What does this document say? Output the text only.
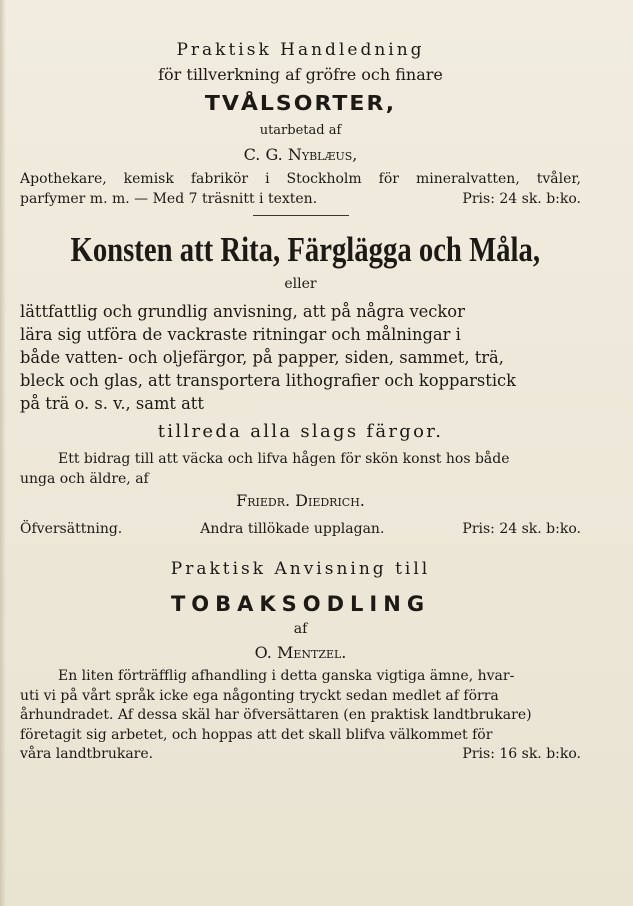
Praktisk Handledning
för tillverkning af gröfre och finare
TVÅLSORTER,
utarbetad af
C. G. Nyblæus,
Apothekare, kemisk fabrikör i Stockholm för mineralvatten, tvåler,
parfymer m. m. — Med 7 träsnitt i texten.	Pris: 24 sk. b:ko.
Konsten att Rita, Färglägga och Måla,
eller
lättfattlig och grundlig anvisning, att på några veckor
lära sig utföra de vackraste ritningar och målningar i
både vatten- och oljefärgor, på papper, siden, sammet, trä,
bleck och glas, att transportera lithografier och kopparstick
på trä o. s. v., samt att
tillreda alla slags färgor.
Ett bidrag till att väcka och lifva hågen för skön konst hos både
unga och äldre, af
Friedr. Diedrich.
Öfversättning.	Andra tillökade upplagan.	Pris: 24 sk. b:ko.
Praktisk Anvisning till
TOBAKSODLING
af
O. Mentzel.
En liten förträfflig afhandling i detta ganska vigtiga ämne, hvar-
uti vi på vårt språk icke ega någonting tryckt sedan medlet af förra
århundradet. Af dessa skäl har öfversättaren (en praktisk landtbrukare)
företagit sig arbetet, och hoppas att det skall blifva välkommet för
våra landtbrukare.	Pris: 16 sk. b:ko.
